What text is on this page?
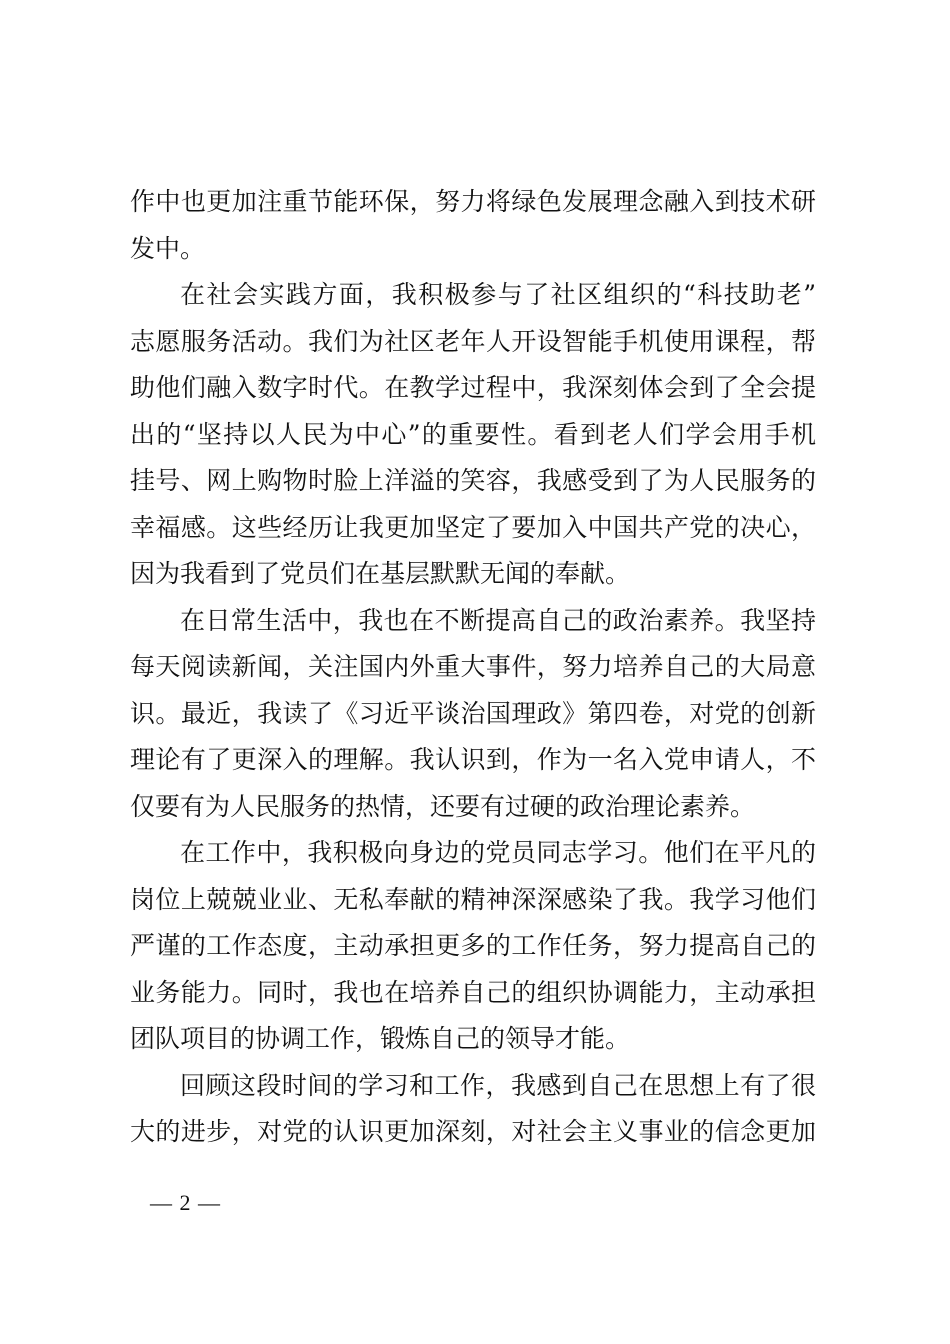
作中也更加注重节能环保，努力将绿色发展理念融入到技术研
发中。
在社会实践方面，我积极参与了社区组织的“科技助老”
志愿服务活动。我们为社区老年人开设智能手机使用课程，帮
助他们融入数字时代。在教学过程中，我深刻体会到了全会提
出的“坚持以人民为中心”的重要性。看到老人们学会用手机
挂号、网上购物时脸上洋溢的笑容，我感受到了为人民服务的
幸福感。这些经历让我更加坚定了要加入中国共产党的决心，
因为我看到了党员们在基层默默无闻的奉献。
在日常生活中，我也在不断提高自己的政治素养。我坚持
每天阅读新闻，关注国内外重大事件，努力培养自己的大局意
识。最近，我读了《习近平谈治国理政》第四卷，对党的创新
理论有了更深入的理解。我认识到，作为一名入党申请人，不
仅要有为人民服务的热情，还要有过硬的政治理论素养。
在工作中，我积极向身边的党员同志学习。他们在平凡的
岗位上兢兢业业、无私奉献的精神深深感染了我。我学习他们
严谨的工作态度，主动承担更多的工作任务，努力提高自己的
业务能力。同时，我也在培养自己的组织协调能力，主动承担
团队项目的协调工作，锻炼自己的领导才能。
回顾这段时间的学习和工作，我感到自己在思想上有了很
大的进步，对党的认识更加深刻，对社会主义事业的信念更加
— 2 —
